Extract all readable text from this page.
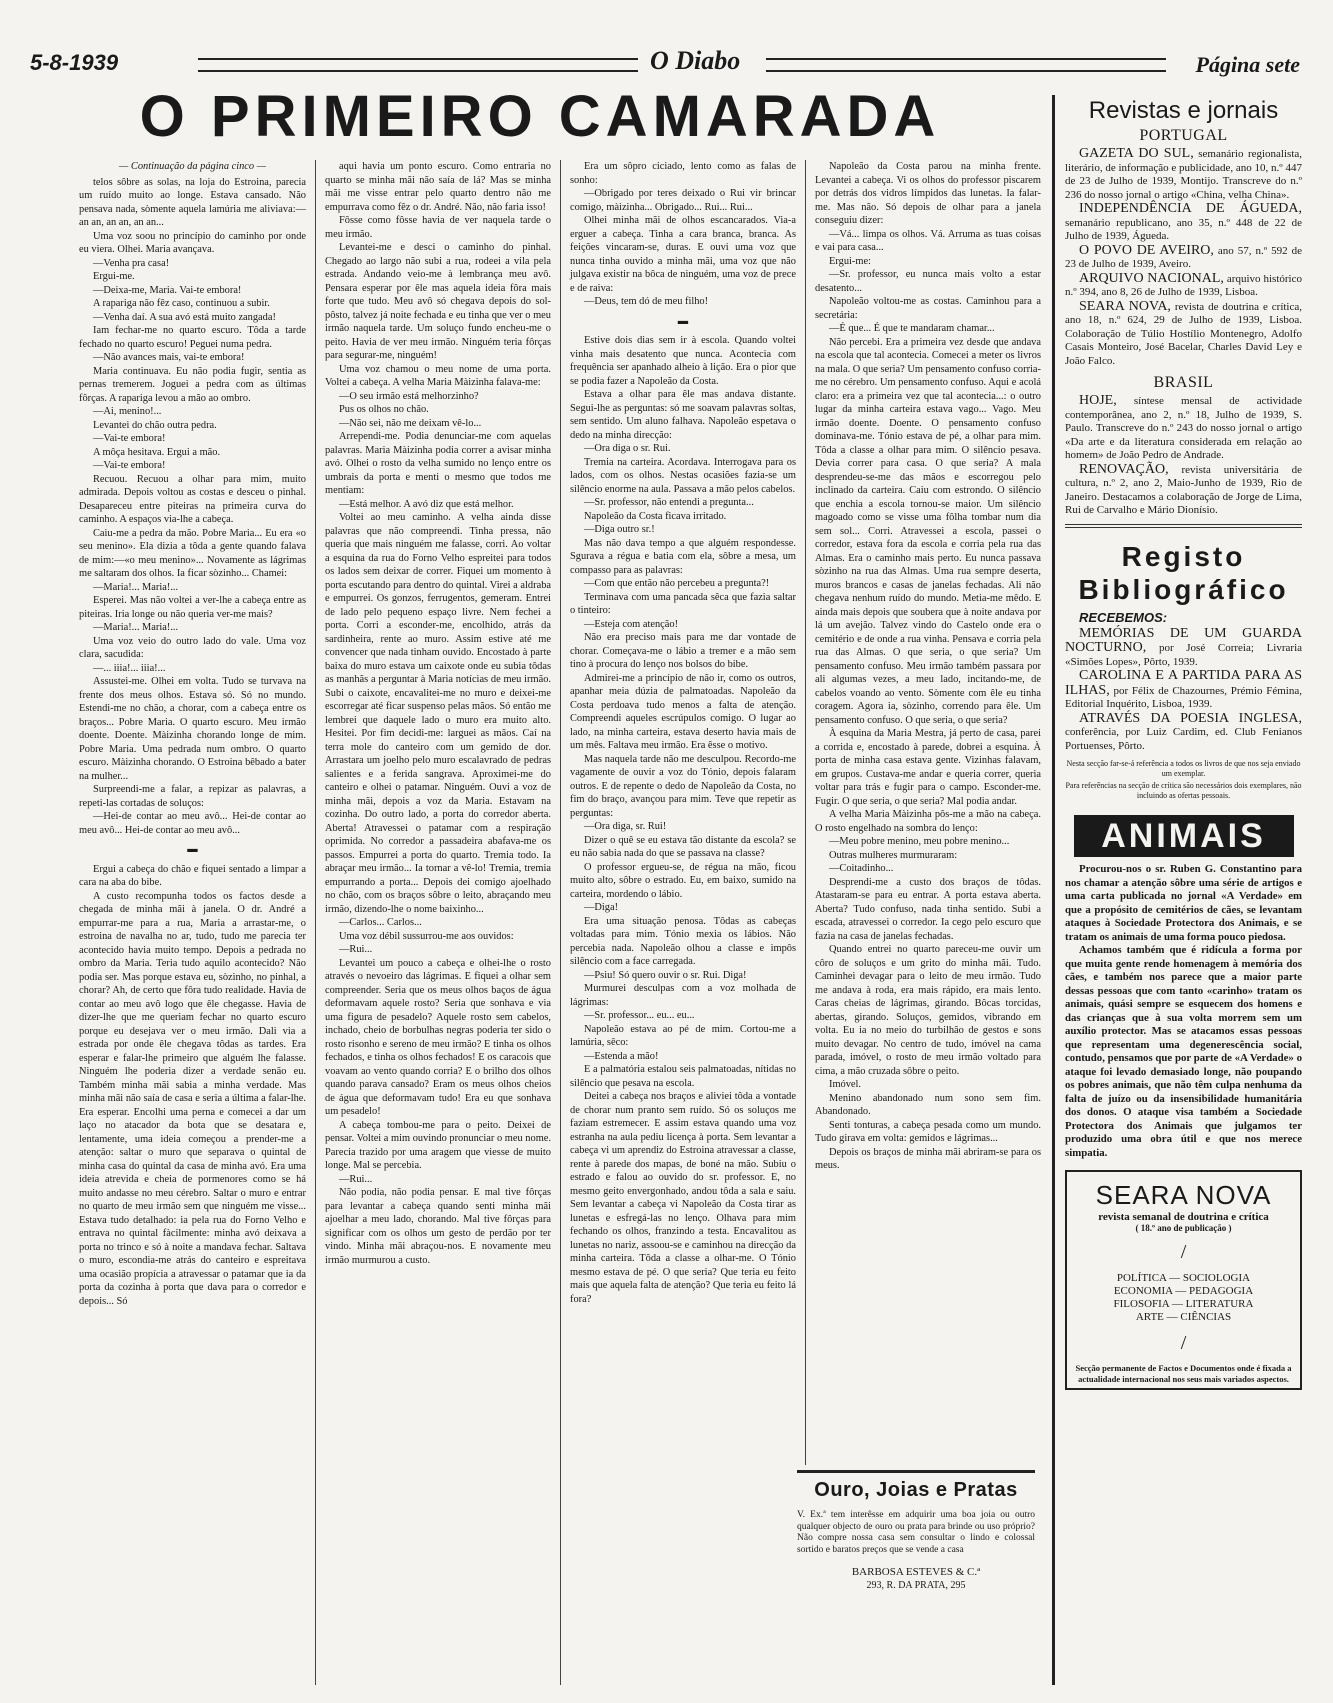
5-8-1939	O Diabo	Página sete
O PRIMEIRO CAMARADA

— Continuação da página cinco —

telos sôbre as solas, na loja do Estroina, parecia um ruído muito ao longe. Estava cansado. Não pensava nada, sòmente aquela lamúria me aliviava:—an an, an an, an an...

Uma voz soou no princípio do caminho por onde eu viera. Olhei. Maria avançava.

—Venha pra casa!

Ergui-me.

—Deixa-me, Maria. Vai-te embora!

A rapariga não fêz caso, continuou a subir.

—Venha daí. A sua avó está muito zangada!

Iam fechar-me no quarto escuro. Tôda a tarde fechado no quarto escuro! Peguei numa pedra.

—Não avances mais, vai-te embora!

Maria continuava. Eu não podia fugir, sentia as pernas tremerem. Joguei a pedra com as últimas fôrças. A rapariga levou a mão ao ombro.

—Ai, menino!...

Levantei do chão outra pedra.

—Vai-te embora!

A môça hesitava. Ergui a mão.

—Vai-te embora!

Recuou. Recuou a olhar para mim, muito admirada. Depois voltou as costas e desceu o pinhal. Desapareceu entre piteiras na primeira curva do caminho. A espaços via-lhe a cabeça.

Caiu-me a pedra da mão. Pobre Maria... Eu era «o seu menino». Ela dizia a tôda a gente quando falava de mim:—«o meu menino»... Novamente as lágrimas me saltaram dos olhos. Ia ficar sòzinho... Chamei:

—Maria!... Maria!...

Esperei. Mas não voltei a ver-lhe a cabeça entre as piteiras. Iria longe ou não queria ver-me mais?

—Maria!... Maria!...

Uma voz veio do outro lado do vale. Uma voz clara, sacudida:

—... iiia!... iiia!...

Assustei-me. Olhei em volta. Tudo se turvava na frente dos meus olhos. Estava só. Só no mundo. Estendi-me no chão, a chorar, com a cabeça entre os braços... Pobre Maria. O quarto escuro. Meu irmão doente. Doente. Màizinha chorando longe de mim. Pobre Maria. Uma pedrada num ombro. O quarto escuro. Màizinha chorando. O Estroina bêbado a bater na mulher...

Surpreendi-me a falar, a repizar as palavras, a repeti-las cortadas de soluços:

—Hei-de contar ao meu avô... Hei-de contar ao meu avô... Hei-de contar ao meu avô...

▬

Ergui a cabeça do chão e fiquei sentado a limpar a cara na aba do bibe.

A custo recompunha todos os factos desde a chegada de minha mãi à janela. O dr. André a empurrar-me para a rua, Maria a arrastar-me, o estroina de navalha no ar, tudo, tudo me parecia ter acontecido havia muito tempo. Depois a pedrada no ombro da Maria. Teria tudo aquilo acontecido? Não podia ser. Mas porque estava eu, sòzinho, no pinhal, a chorar? Ah, de certo que fôra tudo realidade. Havia de contar ao meu avô logo que êle chegasse. Havia de dizer-lhe que me queriam fechar no quarto escuro porque eu desejava ver o meu irmão. Dali via a estrada por onde êle chegava tôdas as tardes. Era esperar e falar-lhe primeiro que alguém lhe falasse. Ninguém lhe poderia dizer a verdade senão eu. Também minha mãi sabia a minha verdade. Mas minha mãi não saía de casa e seria a última a falar-lhe. Era esperar. Encolhi uma perna e comecei a dar um laço no atacador da bota que se desatara e, lentamente, uma ideia começou a prender-me a atenção: saltar o muro que separava o quintal de minha casa do quintal da casa de minha avó. Era uma ideia atrevida e cheia de pormenores como se há muito andasse no meu cérebro. Saltar o muro e entrar no quarto de meu irmão sem que ninguém me visse... Estava tudo detalhado: ia pela rua do Forno Velho e entrava no quintal fàcilmente: minha avó deixava a porta no trinco e só à noite a mandava fechar. Saltava o muro, escondia-me atrás do canteiro e espreitava uma ocasião propícia a atravessar o patamar que ia da porta da cozinha à porta que dava para o corredor e depois... Só

aqui havia um ponto escuro. Como entraria no quarto se minha mãi não saía de lá? Mas se minha mãi me visse entrar pelo quarto dentro não me empurrava como fêz o dr. André. Não, não faria isso!

Fôsse como fôsse havia de ver naquela tarde o meu irmão.

Levantei-me e desci o caminho do pinhal. Chegado ao largo não subi a rua, rodeei a vila pela estrada. Andando veio-me à lembrança meu avô. Pensara esperar por êle mas aquela ideia fôra mais forte que tudo. Meu avô só chegava depois do sol-pôsto, talvez já noite fechada e eu tinha que ver o meu irmão naquela tarde. Um soluço fundo encheu-me o peito. Havia de ver meu irmão. Ninguém teria fôrças para segurar-me, ninguém!

Uma voz chamou o meu nome de uma porta. Voltei a cabeça. A velha Maria Màizinha falava-me:

—O seu irmão está melhorzinho?

Pus os olhos no chão.

—Não sei, não me deixam vê-lo...

Arrependi-me. Podia denunciar-me com aquelas palavras. Maria Màizinha podia correr a avisar minha avó. Olhei o rosto da velha sumido no lenço entre os umbrais da porta e menti o mesmo que todos me mentiam:

—Está melhor. A avó diz que está melhor.

Voltei ao meu caminho. A velha ainda disse palavras que não compreendi. Tinha pressa, não queria que mais ninguém me falasse, corri. Ao voltar a esquina da rua do Forno Velho espreitei para todos os lados sem deixar de correr. Fiquei um momento à porta escutando para dentro do quintal. Virei a aldraba e empurrei. Os gonzos, ferrugentos, gemeram. Entrei de lado pelo pequeno espaço livre. Nem fechei a porta. Corri a esconder-me, encolhido, atrás da sardinheira, rente ao muro. Assim estive até me convencer que nada tinham ouvido. Encostado à parte baixa do muro estava um caixote onde eu subia tôdas as manhãs a perguntar à Maria notícias de meu irmão. Subi o caixote, encavalitei-me no muro e deixei-me escorregar até ficar suspenso pelas mãos. Só então me lembrei que daquele lado o muro era muito alto. Hesitei. Por fim decidi-me: larguei as mãos. Caí na terra mole do canteiro com um gemido de dor. Arrastara um joelho pelo muro escalavrado de pedras salientes e a ferida sangrava. Aproximei-me do canteiro e olhei o patamar. Ninguém. Ouvi a voz de minha mãi, depois a voz da Maria. Estavam na cozinha. Do outro lado, a porta do corredor aberta. Aberta! Atravessei o patamar com a respiração oprimida. No corredor a passadeira abafava-me os passos. Empurrei a porta do quarto. Tremia todo. Ia abraçar meu irmão... Ia tornar a vê-lo! Tremia, tremia empurrando a porta... Depois dei comigo ajoelhado no chão, com os braços sôbre o leito, abraçando meu irmão, dizendo-lhe o nome baixinho...

—Carlos... Carlos...

Uma voz débil sussurrou-me aos ouvidos:

—Rui...

Levantei um pouco a cabeça e olhei-lhe o rosto através o nevoeiro das lágrimas. E fiquei a olhar sem compreender. Seria que os meus olhos baços de água deformavam aquele rosto? Seria que sonhava e via uma figura de pesadelo? Aquele rosto sem cabelos, inchado, cheio de borbulhas negras poderia ter sido o rosto risonho e sereno de meu irmão? E tinha os olhos fechados, e tinha os olhos fechados! E os caracois que voavam ao vento quando corria? E o brilho dos olhos quando parava cansado? Eram os meus olhos cheios de água que deformavam tudo! Era eu que sonhava um pesadelo!

A cabeça tombou-me para o peito. Deixei de pensar. Voltei a mim ouvindo pronunciar o meu nome. Parecia trazido por uma aragem que viesse de muito longe. Mal se percebia.

—Rui...

Não podia, não podia pensar. E mal tive fôrças para levantar a cabeça quando senti minha mãi ajoelhar a meu lado, chorando. Mal tive fôrças para significar com os olhos um gesto de perdão por ter vindo. Minha mãi abraçou-nos. E novamente meu irmão murmurou a custo.

Era um sôpro ciciado, lento como as falas de sonho:

—Obrigado por teres deixado o Rui vir brincar comigo, màizinha... Obrigado... Rui... Rui...

Olhei minha mãi de olhos escancarados. Via-a erguer a cabeça. Tinha a cara branca, branca. As feições vincaram-se, duras. E ouvi uma voz que nunca tinha ouvido a minha mãi, uma voz que não julgava existir na bôca de ninguém, uma voz de prece e de raiva:

—Deus, tem dó de meu filho!

▬

Estive dois dias sem ir à escola. Quando voltei vinha mais desatento que nunca. Acontecia com frequência ser apanhado alheio à lição. Era o pior que se podia fazer a Napoleão da Costa.

Estava a olhar para êle mas andava distante. Segui-lhe as perguntas: só me soavam palavras soltas, sem sentido. Um aluno falhava. Napoleão espetava o dedo na minha direcção:

—Ora diga o sr. Rui.

Tremia na carteira. Acordava. Interrogava para os lados, com os olhos. Nestas ocasiões fazia-se um silêncio enorme na aula. Passava a mão pelos cabelos.

—Sr. professor, não entendi a pregunta...

Napoleão da Costa ficava irritado.

—Diga outro sr.!

Mas não dava tempo a que alguém respondesse. Sgurava a régua e batia com ela, sôbre a mesa, um compasso para as palavras:

—Com que então não percebeu a pregunta?!

Terminava com uma pancada sêca que fazia saltar o tinteiro:

—Esteja com atenção!

Não era preciso mais para me dar vontade de chorar. Começava-me o lábio a tremer e a mão sem tino à procura do lenço nos bolsos do bibe.

Admirei-me a princípio de não ir, como os outros, apanhar meia dúzia de palmatoadas. Napoleão da Costa perdoava tudo menos a falta de atenção. Compreendi aqueles escrúpulos comigo. O lugar ao lado, na minha carteira, estava deserto havia mais de um mês. Faltava meu irmão. Era êsse o motivo.

Mas naquela tarde não me desculpou. Recordo-me vagamente de ouvir a voz do Tónio, depois falaram outros. E de repente o dedo de Napoleão da Costa, no fim do braço, avançou para mim. Teve que repetir as perguntas:

—Ora diga, sr. Rui!

Dizer o quê se eu estava tão distante da escola? se eu não sabia nada do que se passava na classe?

O professor ergueu-se, de régua na mão, ficou muito alto, sôbre o estrado. Eu, em baixo, sumido na carteira, mordendo o lábio.

—Diga!

Era uma situação penosa. Tôdas as cabeças voltadas para mim. Tónio mexia os lábios. Não percebia nada. Napoleão olhou a classe e impôs silêncio com a face carregada.

—Psiu! Só quero ouvir o sr. Rui. Diga!

Murmurei desculpas com a voz molhada de lágrimas:

—Sr. professor... eu... eu...

Napoleão estava ao pé de mim. Cortou-me a lamúria, sêco:

—Estenda a mão!

E a palmatória estalou seis palmatoadas, nítidas no silêncio que pesava na escola.

Deitei a cabeça nos braços e aliviei tôda a vontade de chorar num pranto sem ruído. Só os soluços me faziam estremecer. E assim estava quando uma voz estranha na aula pediu licença à porta. Sem levantar a cabeça vi um aprendiz do Estroina atravessar a classe, rente à parede dos mapas, de boné na mão. Subiu o estrado e falou ao ouvido do sr. professor. E, no mesmo geito envergonhado, andou tôda a sala e saiu. Sem levantar a cabeça vi Napoleão da Costa tirar as lunetas e esfregá-las no lenço. Olhava para mim fechando os olhos, franzindo a testa. Encavalitou as lunetas no nariz, assoou-se e caminhou na direcção da minha carteira. Tôda a classe a olhar-me. O Tónio mesmo estava de pé. O que seria? Que teria eu feito mais que aquela falta de atenção? Que teria eu feito lá fora?

Napoleão da Costa parou na minha frente. Levantei a cabeça. Vi os olhos do professor piscarem por detrás dos vidros límpidos das lunetas. Ia falar-me. Mas não. Só depois de olhar para a janela conseguiu dizer:

—Vá... limpa os olhos. Vá. Arruma as tuas coisas e vai para casa...

Ergui-me:

—Sr. professor, eu nunca mais volto a estar desatento...

Napoleão voltou-me as costas. Caminhou para a secretária:

—É que... É que te mandaram chamar...

Não percebi. Era a primeira vez desde que andava na escola que tal acontecia. Comecei a meter os livros na mala. O que seria? Um pensamento confuso corria-me no cérebro. Um pensamento confuso. Aqui e acolá claro: era a primeira vez que tal acontecia...: o outro lugar da minha carteira estava vago... Vago. Meu irmão doente. Doente. O pensamento confuso dominava-me. Tónio estava de pé, a olhar para mim. Tôda a classe a olhar para mim. O silêncio pesava. Devia correr para casa. O que seria? A mala desprendeu-se-me das mãos e escorregou pelo inclinado da carteira. Caiu com estrondo. O silêncio que enchia a escola tornou-se maior. Um silêncio magoado como se visse uma fôlha tombar num dia sem sol... Corri. Atravessei a escola, passei o corredor, estava fora da escola e corria pela rua das Almas. Era o caminho mais perto. Eu nunca passava sòzinho na rua das Almas. Uma rua sempre deserta, muros brancos e casas de janelas fechadas. Ali não chegava nenhum ruído do mundo. Metia-me mêdo. E ainda mais depois que soubera que à noite andava por lá um avejão. Talvez vindo do Castelo onde era o cemitério e de onde a rua vinha. Pensava e corria pela rua das Almas. O que seria, o que seria? Um pensamento confuso. Meu irmão também passara por ali algumas vezes, a meu lado, incitando-me, de cabelos voando ao vento. Sòmente com êle eu tinha coragem. Agora ia, sòzinho, correndo para êle. Um pensamento confuso. O que seria, o que seria?

À esquina da Maria Mestra, já perto de casa, parei a corrida e, encostado à parede, dobrei a esquina. À porta de minha casa estava gente. Vizinhas falavam, em grupos. Custava-me andar e queria correr, queria voltar para trás e fugir para o campo. Esconder-me. Fugir. O que seria, o que seria? Mal podia andar.

A velha Maria Màizinha pôs-me a mão na cabeça. O rosto engelhado na sombra do lenço:

—Meu pobre menino, meu pobre menino...

Outras mulheres murmuraram:

—Coitadinho...

Desprendi-me a custo dos braços de tôdas. Atastaram-se para eu entrar. A porta estava aberta. Aberta? Tudo confuso, nada tinha sentido. Subi a escada, atravessei o corredor. Ia cego pelo escuro que fazia na casa de janelas fechadas.

Quando entrei no quarto pareceu-me ouvir um côro de soluços e um grito do minha mãi. Tudo. Caminhei devagar para o leito de meu irmão. Tudo me andava à roda, era mais rápido, era mais lento. Caras cheias de lágrimas, girando. Bôcas torcidas, abertas, girando. Soluços, gemidos, vibrando em volta. Eu ia no meio do turbilhão de gestos e sons muito devagar. No centro de tudo, imóvel na cama parada, imóvel, o rosto de meu irmão voltado para cima, a mão cruzada sôbre o peito.

Imóvel.

Menino abandonado num sono sem fim. Abandonado.

Senti tonturas, a cabeça pesada como um mundo. Tudo girava em volta: gemidos e lágrimas...

Depois os braços de minha mãi abriram-se para os meus.

Ouro, Joias e Pratas
V. Ex.ª tem interêsse em adquirir uma boa joia ou outro qualquer objecto de ouro ou prata para brinde ou uso próprio? Não compre nossa casa sem consultar o lindo e colossal sortido e baratos preços que se vende a casa
BARBOSA ESTEVES & C.ª
293, R. DA PRATA, 295
Revistas e jornais
PORTUGAL
GAZETA DO SUL, semanário regionalista, literário, de informação e publicidade, ano 10, n.º 447 de 23 de Julho de 1939, Montijo. Transcreve do n.º 236 do nosso jornal o artigo «China, velha China».
INDEPENDÊNCIA DE ÁGUEDA, semanário republicano, ano 35, n.º 448 de 22 de Julho de 1939, Águeda.
O POVO DE AVEIRO, ano 57, n.º 592 de 23 de Julho de 1939, Aveiro.
ARQUIVO NACIONAL, arquivo histórico n.º 394, ano 8, 26 de Julho de 1939, Lisboa.
SEARA NOVA, revista de doutrina e crítica, ano 18, n.º 624, 29 de Julho de 1939, Lisboa. Colaboração de Túlio Hostílio Montenegro, Adolfo Casais Monteiro, José Bacelar, Charles David Ley e João Falco.
BRASIL
HOJE, síntese mensal de actividade contemporânea, ano 2, n.º 18, Julho de 1939, S. Paulo. Transcreve do n.º 243 do nosso jornal o artigo «Da arte e da literatura considerada em relação ao homem» de João Pedro de Andrade.
RENOVAÇÃO, revista universitária de cultura, n.º 2, ano 2, Maio-Junho de 1939, Rio de Janeiro. Destacamos a colaboração de Jorge de Lima, Rui de Carvalho e Mário Dionísio.
Registo
Bibliográfico
RECEBEMOS:
MEMÓRIAS DE UM GUARDA NOCTURNO, por José Correia; Livraria «Simões Lopes», Pôrto, 1939.
CAROLINA E A PARTIDA PARA AS ILHAS, por Félix de Chazournes, Prémio Fémina, Editorial Inquérito, Lisboa, 1939.
ATRAVÉS DA POESIA INGLESA, conferência, por Luiz Cardim, ed. Club Fenianos Portuenses, Pôrto.
Nesta secção far-se-á referência a todos os livros de que nos seja enviado um exemplar.
Para referências na secção de crítica são necessários dois exemplares, não incluindo as ofertas pessoais.
ANIMAIS

Procurou-nos o sr. Ruben G. Constantino para nos chamar a atenção sôbre uma série de artigos e uma carta publicada no jornal «A Verdade» em que a propósito de cemitérios de cães, se levantam ataques à Sociedade Protectora dos Animais, e se tratam os animais de uma forma pouco piedosa.

Achamos também que é ridícula a forma por que muita gente rende homenagem à memória dos cães, e também nos parece que a maior parte dessas pessoas que com tanto «carinho» tratam os animais, quási sempre se esquecem dos homens e das crianças que à sua volta morrem sem um auxílio protector. Mas se atacamos essas pessoas que representam uma degenerescência social, contudo, pensamos que por parte de «A Verdade» o ataque foi levado demasiado longe, não poupando os pobres animais, que não têm culpa nenhuma da falta de juízo ou da insensibilidade humanitária dos donos. O ataque visa também a Sociedade Protectora dos Animais que julgamos ter produzido uma obra útil e que nos merece simpatia.

SEARA NOVA
revista semanal de doutrina e crítica
( 18.º ano de publicação )
/
POLÍTICA — SOCIOLOGIA
ECONOMIA — PEDAGOGIA
FILOSOFIA — LITERATURA
ARTE — CIÊNCIAS
/
Secção permanente de Factos e Documentos onde é fixada a actualidade internacional nos seus mais variados aspectos.
